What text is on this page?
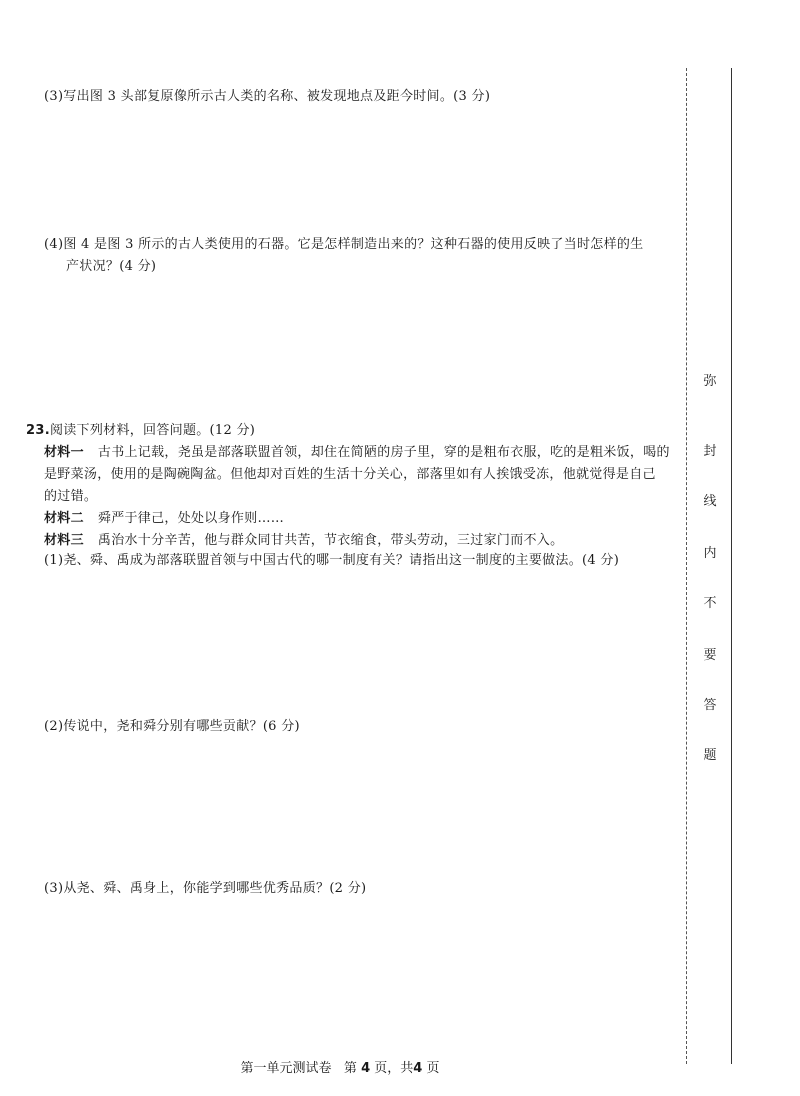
(3)写出图 3 头部复原像所示古人类的名称、被发现地点及距今时间。(3 分)
(4)图 4 是图 3 所示的古人类使用的石器。它是怎样制造出来的？这种石器的使用反映了当时怎样的生
产状况？(4 分)
23.阅读下列材料，回答问题。(12 分)
材料一 古书上记载，尧虽是部落联盟首领，却住在简陋的房子里，穿的是粗布衣服，吃的是粗米饭，喝的
是野菜汤，使用的是陶碗陶盆。但他却对百姓的生活十分关心，部落里如有人挨饿受冻，他就觉得是自己
的过错。
材料二 舜严于律己，处处以身作则……
材料三 禹治水十分辛苦，他与群众同甘共苦，节衣缩食，带头劳动，三过家门而不入。
(1)尧、舜、禹成为部落联盟首领与中国古代的哪一制度有关？请指出这一制度的主要做法。(4 分)
(2)传说中，尧和舜分别有哪些贡献？(6 分)
(3)从尧、舜、禹身上，你能学到哪些优秀品质？(2 分)
弥
封
线
内
不
要
答
题
第一单元测试卷 第 4 页，共4 页
